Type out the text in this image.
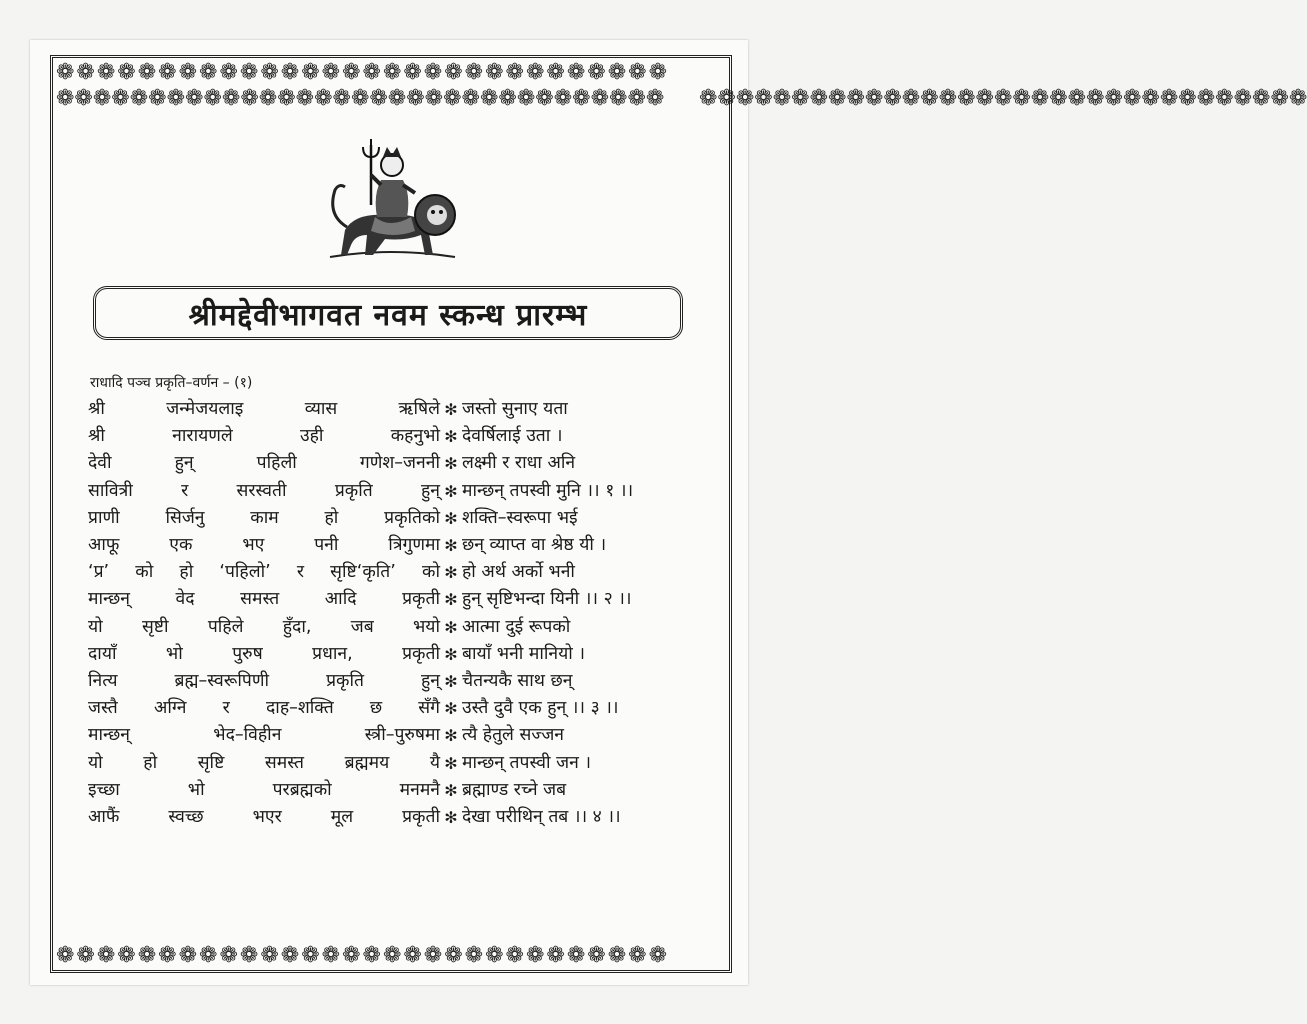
❁❁❁❁❁❁❁❁❁❁❁❁❁❁❁❁❁❁❁❁❁❁❁❁❁❁❁❁❁❁
❁❁❁❁❁❁❁❁❁❁❁❁❁❁❁❁❁❁❁❁❁❁❁❁❁❁❁❁❁❁
❁❁❁❁❁❁❁❁❁❁❁❁❁❁❁❁❁❁❁❁❁❁❁❁❁❁❁❁❁❁❁❁❁ ❁❁❁❁❁❁❁❁❁❁❁❁❁❁❁❁❁❁❁❁❁❁❁❁❁❁❁❁❁❁❁❁❁
श्रीमद्देवीभागवत नवम स्कन्ध प्रारम्भ
राधादि पञ्च प्रकृति–वर्णन – (१)
श्री जन्मेजयलाइ व्यास ऋषिले ✻ जस्तो सुनाए यता
श्री नारायणले उही कहनुभो ✻ देवर्षिलाई उता ।
देवी हुन् पहिली गणेश–जननी ✻ लक्ष्मी र राधा अनि
सावित्री र सरस्वती प्रकृति हुन् ✻ मान्छन् तपस्वी मुनि ।। १ ।।
प्राणी सिर्जनु काम हो प्रकृतिको ✻ शक्ति–स्वरूपा भई
आफू एक भए पनी त्रिगुणमा ✻ छन् व्याप्त वा श्रेष्ठ यी ।
‘प्र’ को हो ‘पहिलो’ र सृष्टि‘कृति’ को ✻ हो अर्थ अर्को भनी
मान्छन् वेद समस्त आदि प्रकृती ✻ हुन् सृष्टिभन्दा यिनी ।। २ ।।
यो सृष्टी पहिले हुँदा, जब भयो ✻ आत्मा दुई रूपको
दायाँ भो पुरुष प्रधान, प्रकृती ✻ बायाँ भनी मानियो ।
नित्य ब्रह्म–स्वरूपिणी प्रकृति हुन् ✻ चैतन्यकै साथ छन्
जस्तै अग्नि र दाह–शक्ति छ सँगै ✻ उस्तै दुवै एक हुन् ।। ३ ।।
मान्छन् भेद–विहीन स्त्री–पुरुषमा ✻ त्यै हेतुले सज्जन
यो हो सृष्टि समस्त ब्रह्ममय यै ✻ मान्छन् तपस्वी जन ।
इच्छा भो परब्रह्मको मनमनै ✻ ब्रह्माण्ड रच्ने जब
आफैं स्वच्छ भएर मूल प्रकृती ✻ देखा परीथिन् तब ।। ४ ।।
